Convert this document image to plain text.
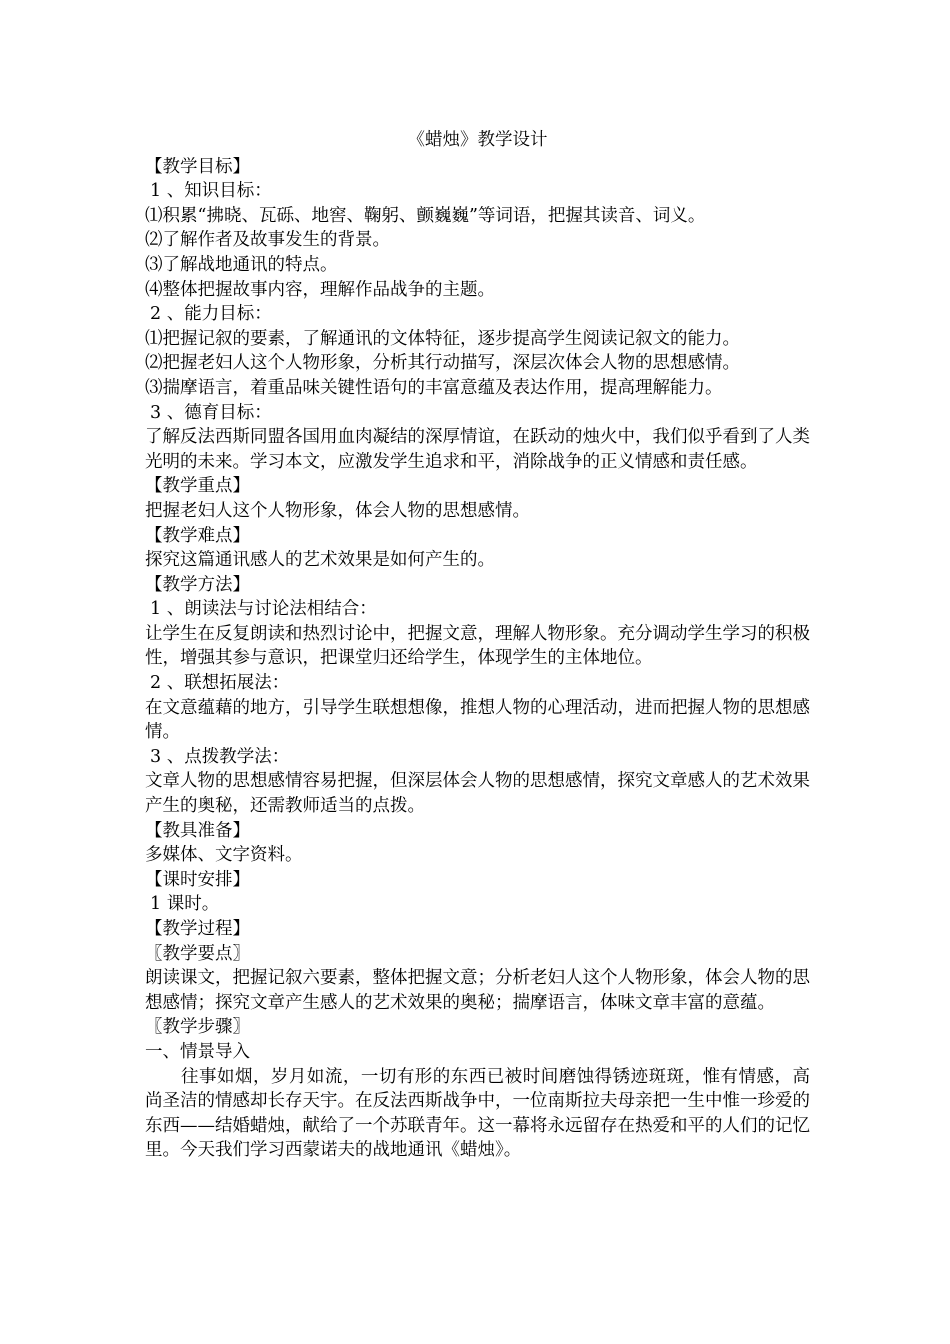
《蜡烛》教学设计

【教学目标】

1 、知识目标：

⑴积累“拂晓、瓦砾、地窖、鞠躬、颤巍巍”等词语，把握其读音、词义。

⑵了解作者及故事发生的背景。

⑶了解战地通讯的特点。

⑷整体把握故事内容，理解作品战争的主题。

2 、能力目标：

⑴把握记叙的要素，了解通讯的文体特征，逐步提高学生阅读记叙文的能力。

⑵把握老妇人这个人物形象，分析其行动描写，深层次体会人物的思想感情。

⑶揣摩语言，着重品味关键性语句的丰富意蕴及表达作用，提高理解能力。

3 、德育目标：

了解反法西斯同盟各国用血肉凝结的深厚情谊，在跃动的烛火中，我们似乎看到了人类光明的未来。学习本文，应激发学生追求和平，消除战争的正义情感和责任感。

【教学重点】

把握老妇人这个人物形象，体会人物的思想感情。

【教学难点】

探究这篇通讯感人的艺术效果是如何产生的。

【教学方法】

1 、朗读法与讨论法相结合：

让学生在反复朗读和热烈讨论中，把握文意，理解人物形象。充分调动学生学习的积极性，增强其参与意识，把课堂归还给学生，体现学生的主体地位。

2 、联想拓展法：

在文意蕴藉的地方，引导学生联想想像，推想人物的心理活动，进而把握人物的思想感情。

3 、点拨教学法：

文章人物的思想感情容易把握，但深层体会人物的思想感情，探究文章感人的艺术效果产生的奥秘，还需教师适当的点拨。

【教具准备】

多媒体、文字资料。

【课时安排】

1 课时。

【教学过程】

〖教学要点〗

朗读课文，把握记叙六要素，整体把握文意；分析老妇人这个人物形象，体会人物的思想感情；探究文章产生感人的艺术效果的奥秘；揣摩语言，体味文章丰富的意蕴。

〖教学步骤〗

一、情景导入

往事如烟，岁月如流，一切有形的东西已被时间磨蚀得锈迹斑斑，惟有情感，高尚圣洁的情感却长存天宇。在反法西斯战争中，一位南斯拉夫母亲把一生中惟一珍爱的东西——结婚蜡烛，献给了一个苏联青年。这一幕将永远留存在热爱和平的人们的记忆里。今天我们学习西蒙诺夫的战地通讯《蜡烛》。
